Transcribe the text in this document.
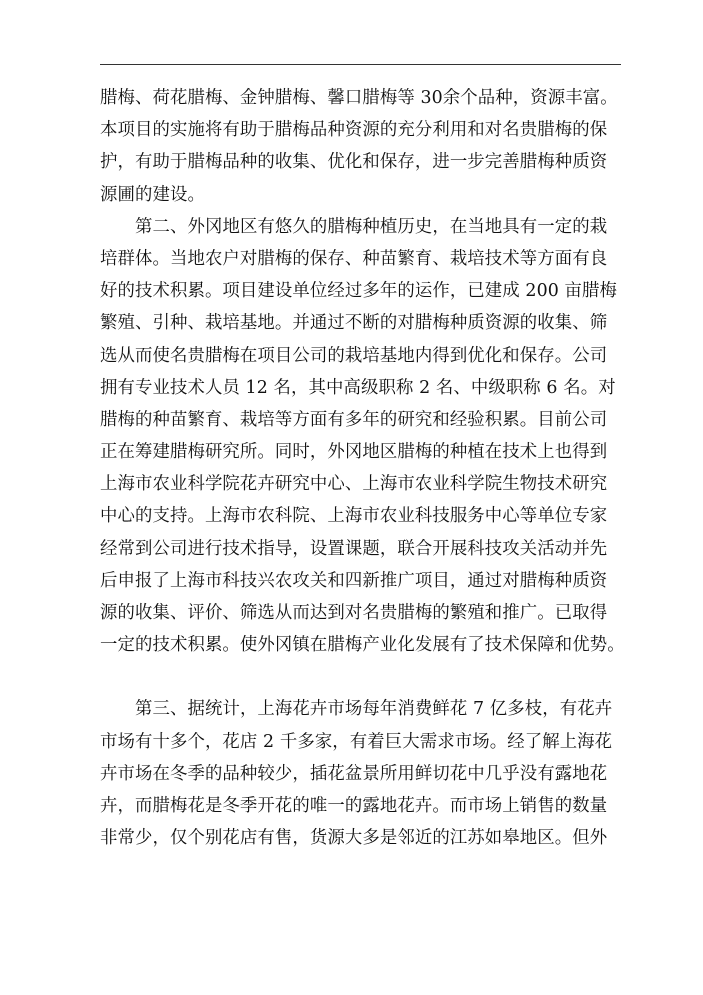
腊梅、荷花腊梅、金钟腊梅、馨口腊梅等 30余个品种，资源丰富。
本项目的实施将有助于腊梅品种资源的充分利用和对名贵腊梅的保
护，有助于腊梅品种的收集、优化和保存，进一步完善腊梅种质资
源圃的建设。
第二、外冈地区有悠久的腊梅种植历史，在当地具有一定的栽
培群体。当地农户对腊梅的保存、种苗繁育、栽培技术等方面有良
好的技术积累。项目建设单位经过多年的运作，已建成 200 亩腊梅
繁殖、引种、栽培基地。并通过不断的对腊梅种质资源的收集、筛
选从而使名贵腊梅在项目公司的栽培基地内得到优化和保存。公司
拥有专业技术人员 12 名，其中高级职称 2 名、中级职称 6 名。对
腊梅的种苗繁育、栽培等方面有多年的研究和经验积累。目前公司
正在筹建腊梅研究所。同时，外冈地区腊梅的种植在技术上也得到
上海市农业科学院花卉研究中心、上海市农业科学院生物技术研究
中心的支持。上海市农科院、上海市农业科技服务中心等单位专家
经常到公司进行技术指导，设置课题，联合开展科技攻关活动并先
后申报了上海市科技兴农攻关和四新推广项目，通过对腊梅种质资
源的收集、评价、筛选从而达到对名贵腊梅的繁殖和推广。已取得
一定的技术积累。使外冈镇在腊梅产业化发展有了技术保障和优势。
第三、据统计，上海花卉市场每年消费鲜花 7 亿多枝，有花卉
市场有十多个，花店 2 千多家，有着巨大需求市场。经了解上海花
卉市场在冬季的品种较少，插花盆景所用鲜切花中几乎没有露地花
卉，而腊梅花是冬季开花的唯一的露地花卉。而市场上销售的数量
非常少，仅个别花店有售，货源大多是邻近的江苏如皋地区。但外
